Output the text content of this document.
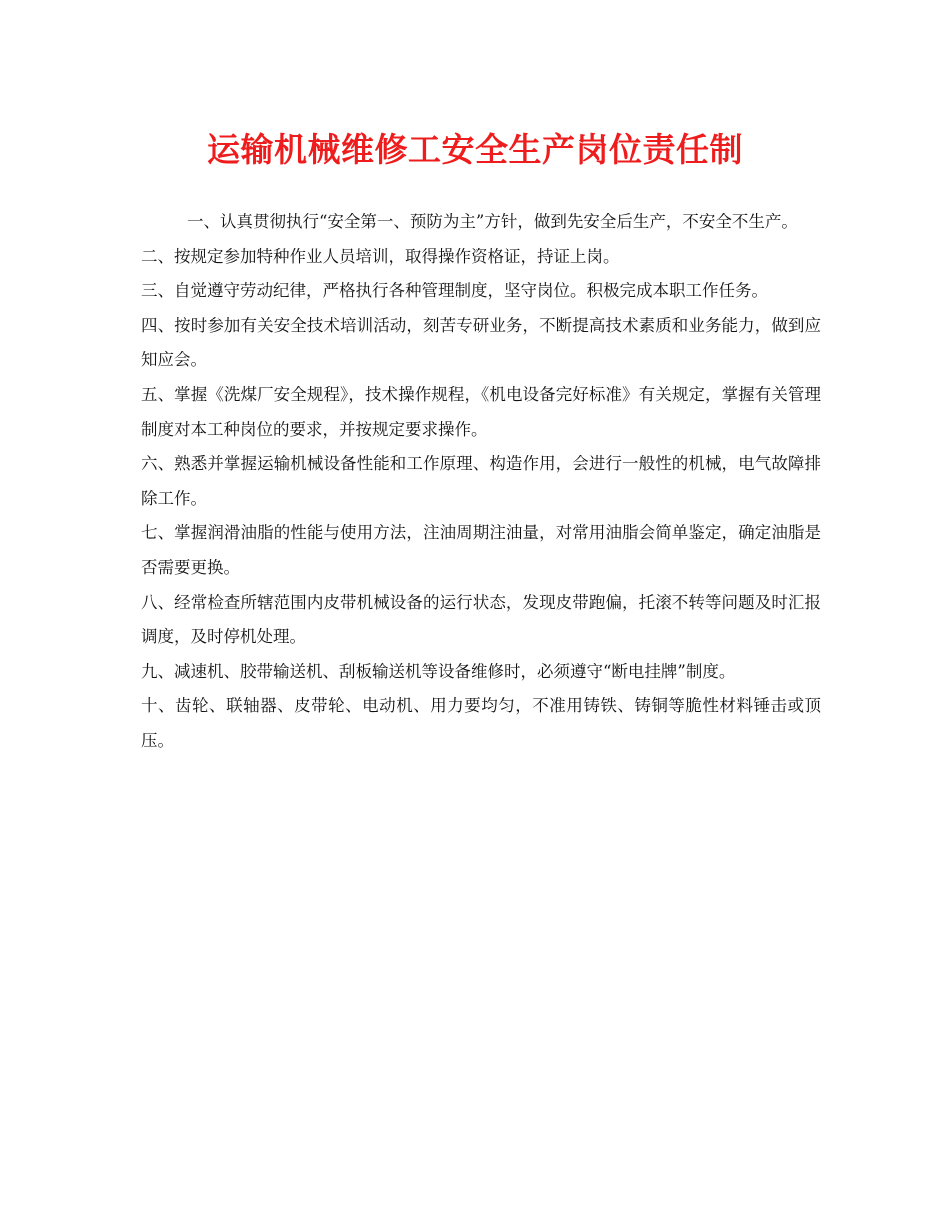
运输机械维修工安全生产岗位责任制

一、认真贯彻执行“安全第一、预防为主”方针，做到先安全后生产，不安全不生产。

二、按规定参加特种作业人员培训，取得操作资格证，持证上岗。

三、自觉遵守劳动纪律，严格执行各种管理制度，坚守岗位。积极完成本职工作任务。

四、按时参加有关安全技术培训活动，刻苦专研业务，不断提高技术素质和业务能力，做到应知应会。

五、掌握《洗煤厂安全规程》，技术操作规程，《机电设备完好标准》有关规定，掌握有关管理制度对本工种岗位的要求，并按规定要求操作。

六、熟悉并掌握运输机械设备性能和工作原理、构造作用，会进行一般性的机械，电气故障排除工作。

七、掌握润滑油脂的性能与使用方法，注油周期注油量，对常用油脂会简单鉴定，确定油脂是否需要更换。

八、经常检查所辖范围内皮带机械设备的运行状态，发现皮带跑偏，托滚不转等问题及时汇报调度，及时停机处理。

九、减速机、胶带输送机、刮板输送机等设备维修时，必须遵守“断电挂牌”制度。

十、齿轮、联轴器、皮带轮、电动机、用力要均匀，不准用铸铁、铸铜等脆性材料锤击或顶压。
